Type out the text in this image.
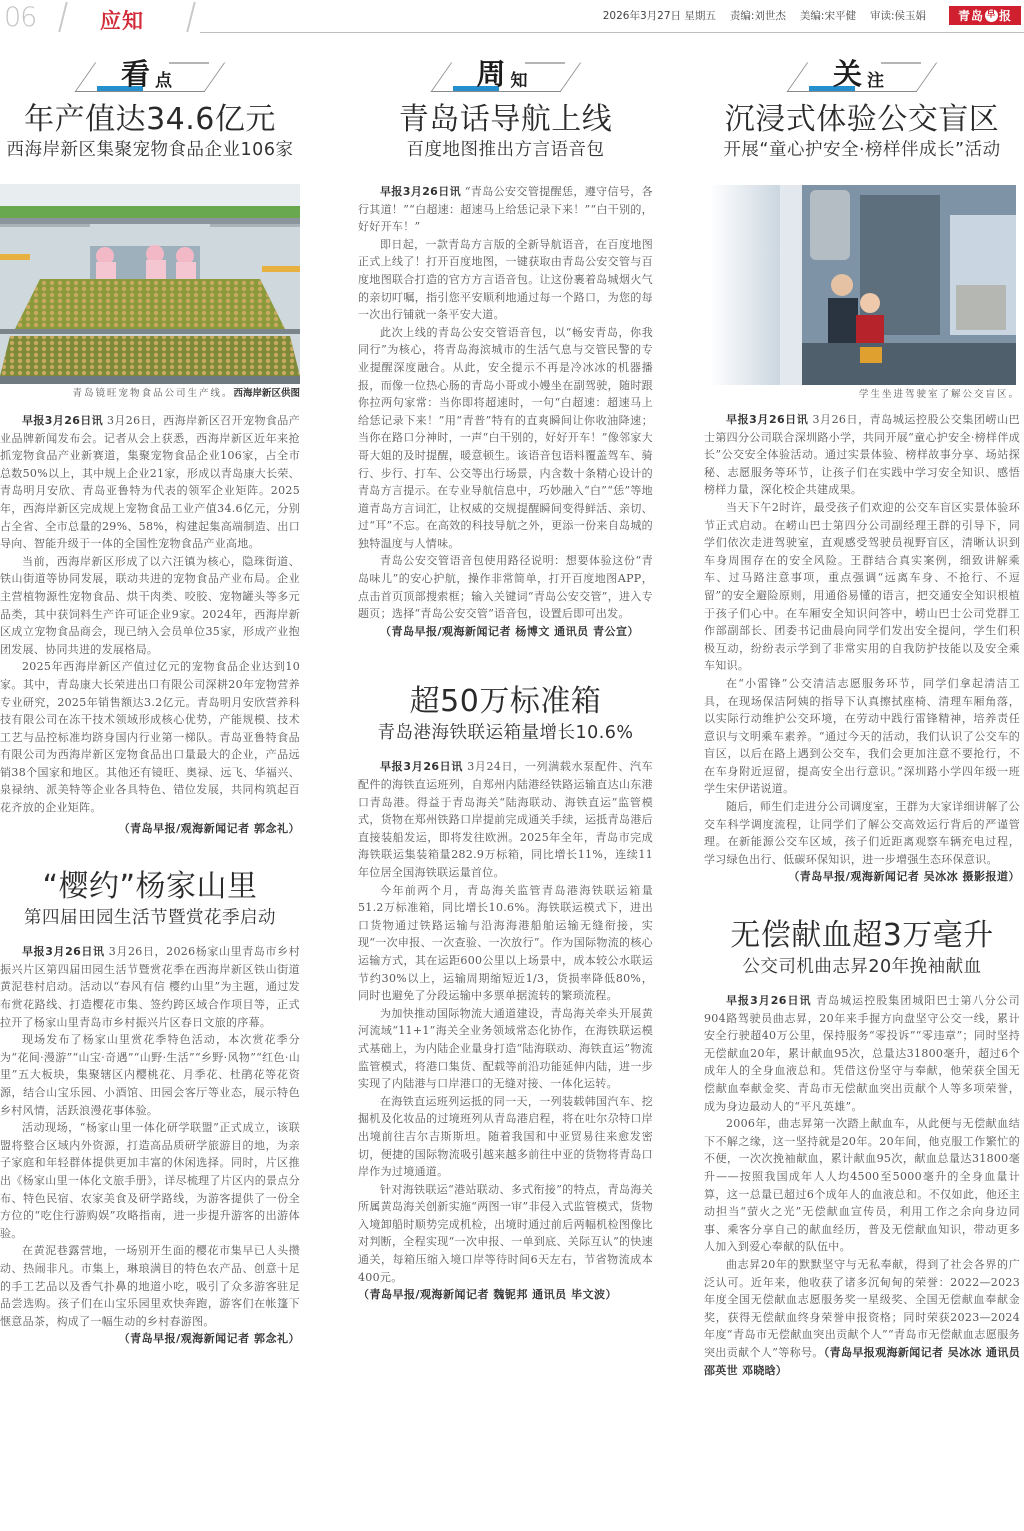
06	应知	2026年3月27日 星期五 责编:刘世杰 美编:宋平健 审读:侯玉娟	青岛 早 报
看 点
年产值达34.6亿元
西海岸新区集聚宠物食品企业106家
青岛镜旺宠物食品公司生产线。西海岸新区供图

早报3月26日讯 3月26日，西海岸新区召开宠物食品产业品牌新闻发布会。记者从会上获悉，西海岸新区近年来抢抓宠物食品产业新赛道，集聚宠物食品企业106家，占全市总数50%以上，其中规上企业21家，形成以青岛康大长荣、青岛明月安欣、青岛亚鲁特为代表的领军企业矩阵。2025年，西海岸新区完成规上宠物食品工业产值34.6亿元，分别占全省、全市总量的29%、58%，构建起集高端制造、出口导向、智能升级于一体的全国性宠物食品产业高地。

当前，西海岸新区形成了以六汪镇为核心，隐珠街道、铁山街道等协同发展，联动共进的宠物食品产业布局。企业主营植物源性宠物食品、烘干肉类、咬胶、宠物罐头等多元品类，其中获饲料生产许可证企业9家。2024年，西海岸新区成立宠物食品商会，现已纳入会员单位35家，形成产业抱团发展、协同共进的发展格局。

2025年西海岸新区产值过亿元的宠物食品企业达到10家。其中，青岛康大长荣进出口有限公司深耕20年宠物营养专业研究，2025年销售额达3.2亿元。青岛明月安欣营养科技有限公司在冻干技术领域形成核心优势，产能规模、技术工艺与品控标准均跻身国内行业第一梯队。青岛亚鲁特食品有限公司为西海岸新区宠物食品出口量最大的企业，产品远销38个国家和地区。其他还有镜旺、奥禄、远飞、华福兴、泉禄纳、派美特等企业各具特色、错位发展，共同构筑起百花齐放的企业矩阵。

（青岛早报/观海新闻记者 郭念礼）
“樱约”杨家山里
第四届田园生活节暨赏花季启动

早报3月26日讯 3月26日，2026杨家山里青岛市乡村振兴片区第四届田园生活节暨赏花季在西海岸新区铁山街道黄泥巷村启动。活动以“春风有信 樱约山里”为主题，通过发布赏花路线、打造樱花市集、签约跨区域合作项目等，正式拉开了杨家山里青岛市乡村振兴片区春日文旅的序幕。

现场发布了杨家山里赏花季特色活动，本次赏花季分为“花间·漫游”“山宝·奇遇”“山野·生活”“乡野·风物”“红色·山里”五大板块，集聚辖区内樱桃花、月季花、杜鹃花等花资源，结合山宝乐园、小酒馆、田园会客厅等业态，展示特色乡村风情，活跃浪漫花事体验。

活动现场，“杨家山里一体化研学联盟”正式成立，该联盟将整合区域内外资源，打造高品质研学旅游目的地，为亲子家庭和年轻群体提供更加丰富的休闲选择。同时，片区推出《杨家山里一体化文旅手册》，详尽梳理了片区内的景点分布、特色民宿、农家美食及研学路线，为游客提供了一份全方位的“吃住行游购娱”攻略指南，进一步提升游客的出游体验。

在黄泥巷露营地，一场别开生面的樱花市集早已人头攒动、热闹非凡。市集上，琳琅满目的特色农产品、创意十足的手工艺品以及香气扑鼻的地道小吃，吸引了众多游客驻足品尝选购。孩子们在山宝乐园里欢快奔跑，游客们在帐篷下惬意品茶，构成了一幅生动的乡村春游图。

（青岛早报/观海新闻记者 郭念礼）
周 知
青岛话导航上线
百度地图推出方言语音包

早报3月26日讯 “青岛公安交管提醒恁，遵守信号，各行其道！”“白超速：超速马上给恁记录下来！”“白干别的，好好开车！”

即日起，一款青岛方言版的全新导航语音，在百度地图正式上线了！打开百度地图，一键获取由青岛公安交管与百度地图联合打造的官方方言语音包。让这份裹着岛城烟火气的亲切叮嘱，指引您平安顺利地通过每一个路口，为您的每一次出行铺就一条平安大道。

此次上线的青岛公安交管语音包，以“畅安青岛，你我同行”为核心，将青岛海滨城市的生活气息与交管民警的专业提醒深度融合。从此，安全提示不再是冷冰冰的机器播报，而像一位热心肠的青岛小哥或小嫚坐在副驾驶，随时跟你拉两句家常：当你即将超速时，一句“白超速：超速马上给恁记录下来！”用“青普”特有的直爽瞬间让你收油降速；当你在路口分神时，一声“白干别的，好好开车！”像邻家大哥大姐的及时提醒，暖意顿生。该语音包语料覆盖驾车、骑行、步行、打车、公交等出行场景，内含数十条精心设计的青岛方言提示。在专业导航信息中，巧妙融入“白”“恁”等地道青岛方言词汇，让权威的交规提醒瞬间变得鲜活、亲切、过“耳”不忘。在高效的科技导航之外，更添一份来自岛城的独特温度与人情味。

青岛公安交管语音包使用路径说明：想要体验这份“青岛味儿”的安心护航，操作非常简单，打开百度地图APP，点击首页顶部搜索框；输入关键词“青岛公安交管”，进入专题页；选择“青岛公安交管”语音包，设置后即可出发。

（青岛早报/观海新闻记者 杨博文 通讯员 青公宣）
超50万标准箱
青岛港海铁联运箱量增长10.6%

早报3月26日讯 3月24日，一列满载水泵配件、汽车配件的海铁直运班列，自郑州内陆港经铁路运输直达山东港口青岛港。得益于青岛海关“陆海联动、海铁直运”监管模式，货物在郑州铁路口岸提前完成通关手续，运抵青岛港后直接装船发运，即将发往欧洲。2025年全年，青岛市完成海铁联运集装箱量282.9万标箱，同比增长11%，连续11年位居全国海铁联运量首位。

今年前两个月，青岛海关监管青岛港海铁联运箱量51.2万标准箱，同比增长10.6%。海铁联运模式下，进出口货物通过铁路运输与沿海海港船舶运输无缝衔接，实现“一次申报、一次查验、一次放行”。作为国际物流的核心运输方式，其在运距600公里以上场景中，成本较公水联运节约30%以上，运输周期缩短近1/3，货损率降低80%，同时也避免了分段运输中多票单据流转的繁琐流程。

为加快推动国际物流大通道建设，青岛海关牵头开展黄河流域“11+1”海关全业务领域常态化协作，在海铁联运模式基础上，为内陆企业量身打造“陆海联动、海铁直运”物流监管模式，将港口集货、配载等前沿功能延伸内陆，进一步实现了内陆港与口岸港口的无缝对接、一体化运转。

在海铁直运班列运抵的同一天，一列装载韩国汽车、挖掘机及化妆品的过境班列从青岛港启程，将在吐尔尕特口岸出境前往吉尔吉斯斯坦。随着我国和中亚贸易往来愈发密切，便捷的国际物流吸引越来越多前往中亚的货物将青岛口岸作为过境通道。

针对海铁联运“港站联动、多式衔接”的特点，青岛海关所属黄岛海关创新实施“两图一审”非侵入式监管模式，货物入境卸船时顺势完成机检，出境时通过前后两幅机检图像比对判断，全程实现“一次申报、一单到底、关际互认”的快速通关，每箱压缩入境口岸等待时间6天左右，节省物流成本400元。

（青岛早报/观海新闻记者 魏铌邦 通讯员 毕文波）
关 注
沉浸式体验公交盲区
开展“童心护安全·榜样伴成长”活动
学生坐进驾驶室了解公交盲区。

早报3月26日讯 3月26日，青岛城运控股公交集团崂山巴士第四分公司联合深圳路小学，共同开展“童心护安全·榜样伴成长”公交安全体验活动。通过实景体验、榜样故事分享、场站探秘、志愿服务等环节，让孩子们在实践中学习安全知识、感悟榜样力量，深化校企共建成果。

当天下午2时许，最受孩子们欢迎的公交车盲区实景体验环节正式启动。在崂山巴士第四分公司副经理王群的引导下，同学们依次走进驾驶室，直观感受驾驶员视野盲区，清晰认识到车身周围存在的安全风险。王群结合真实案例，细致讲解乘车、过马路注意事项，重点强调“远离车身、不抢行、不逗留”的安全避险原则，用通俗易懂的语言，把交通安全知识根植于孩子们心中。在车厢安全知识问答中，崂山巴士公司党群工作部副部长、团委书记曲晨向同学们发出安全提问，学生们积极互动，纷纷表示学到了非常实用的自我防护技能以及安全乘车知识。

在“小雷锋”公交清洁志愿服务环节，同学们拿起清洁工具，在现场保洁阿姨的指导下认真擦拭座椅、清理车厢角落，以实际行动维护公交环境，在劳动中践行雷锋精神，培养责任意识与文明乘车素养。“通过今天的活动，我们认识了公交车的盲区，以后在路上遇到公交车，我们会更加注意不要抢行，不在车身附近逗留，提高安全出行意识。”深圳路小学四年级一班学生宋伊诺说道。

随后，师生们走进分公司调度室，王群为大家详细讲解了公交车科学调度流程，让同学们了解公交高效运行背后的严谨管理。在新能源公交车区域，孩子们近距离观察车辆充电过程，学习绿色出行、低碳环保知识，进一步增强生态环保意识。

（青岛早报/观海新闻记者 吴冰冰 摄影报道）
无偿献血超3万毫升
公交司机曲志昇20年挽袖献血

早报3月26日讯 青岛城运控股集团城阳巴士第八分公司904路驾驶员曲志昇，20年来手握方向盘坚守公交一线，累计安全行驶超40万公里，保持服务“零投诉”“零违章”；同时坚持无偿献血20年，累计献血95次，总量达31800毫升，超过6个成年人的全身血液总和。凭借这份坚守与奉献，他荣获全国无偿献血奉献金奖、青岛市无偿献血突出贡献个人等多项荣誉，成为身边最动人的“平凡英雄”。

2006年，曲志昇第一次踏上献血车，从此便与无偿献血结下不解之缘，这一坚持就是20年。20年间，他克服工作繁忙的不便，一次次挽袖献血，累计献血95次，献血总量达31800毫升——按照我国成年人人均4500至5000毫升的全身血量计算，这一总量已超过6个成年人的血液总和。不仅如此，他还主动担当“萤火之光”无偿献血宣传员，利用工作之余向身边同事、乘客分享自己的献血经历，普及无偿献血知识，带动更多人加入到爱心奉献的队伍中。

曲志昇20年的默默坚守与无私奉献，得到了社会各界的广泛认可。近年来，他收获了诸多沉甸甸的荣誉：2022—2023年度全国无偿献血志愿服务奖一星级奖、全国无偿献血奉献金奖，获得无偿献血终身荣誉申报资格；同时荣获2023—2024年度“青岛市无偿献血突出贡献个人”“青岛市无偿献血志愿服务突出贡献个人”等称号。（青岛早报观海新闻记者 吴冰冰 通讯员 邵英世 邓晓晗）
